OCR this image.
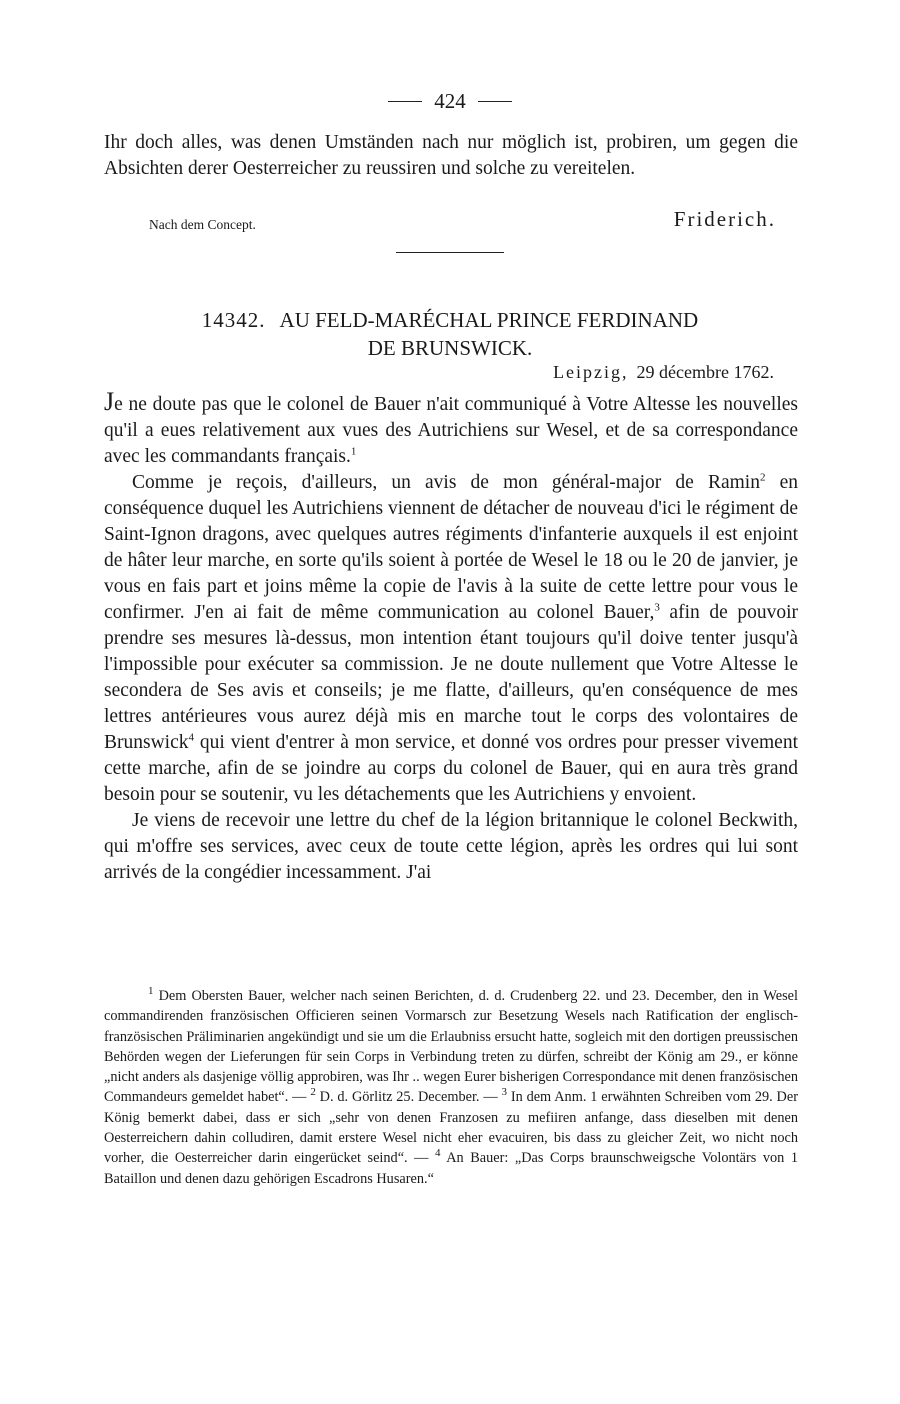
424
Ihr doch alles, was denen Umständen nach nur möglich ist, probiren, um gegen die Absichten derer Oesterreicher zu reussiren und solche zu vereitelen.
Nach dem Concept.	Friderich.
14342. AU FELD-MARÉCHAL PRINCE FERDINAND
DE BRUNSWICK.
Leipzig, 29 décembre 1762.

Je ne doute pas que le colonel de Bauer n'ait communiqué à Votre Altesse les nouvelles qu'il a eues relativement aux vues des Autrichiens sur Wesel, et de sa correspondance avec les commandants français.$^1$

Comme je reçois, d'ailleurs, un avis de mon général-major de Ramin$^2$ en conséquence duquel les Autrichiens viennent de détacher de nouveau d'ici le régiment de Saint-Ignon dragons, avec quelques autres régiments d'infanterie auxquels il est enjoint de hâter leur marche, en sorte qu'ils soient à portée de Wesel le 18 ou le 20 de janvier, je vous en fais part et joins même la copie de l'avis à la suite de cette lettre pour vous le confirmer. J'en ai fait de même communication au colonel Bauer,$^3$ afin de pouvoir prendre ses mesures là-dessus, mon intention étant toujours qu'il doive tenter jusqu'à l'impossible pour exécuter sa commission. Je ne doute nullement que Votre Altesse le secondera de Ses avis et conseils; je me flatte, d'ailleurs, qu'en conséquence de mes lettres antérieures vous aurez déjà mis en marche tout le corps des volontaires de Brunswick$^4$ qui vient d'entrer à mon service, et donné vos ordres pour presser vivement cette marche, afin de se joindre au corps du colonel de Bauer, qui en aura très grand besoin pour se soutenir, vu les détachements que les Autrichiens y envoient.

Je viens de recevoir une lettre du chef de la légion britannique le colonel Beckwith, qui m'offre ses services, avec ceux de toute cette légion, après les ordres qui lui sont arrivés de la congédier incessamment. J'ai

$^1$ Dem Obersten Bauer, welcher nach seinen Berichten, d. d. Crudenberg 22. und 23. December, den in Wesel commandirenden französischen Officieren seinen Vormarsch zur Besetzung Wesels nach Ratification der englisch-französischen Präliminarien angekündigt und sie um die Erlaubniss ersucht hatte, sogleich mit den dortigen preussischen Behörden wegen der Lieferungen für sein Corps in Verbindung treten zu dürfen, schreibt der König am 29., er könne „nicht anders als dasjenige völlig approbiren, was Ihr .. wegen Eurer bisherigen Correspondance mit denen französischen Commandeurs gemeldet habet“. — $^2$ D. d. Görlitz 25. December. — $^3$ In dem Anm. 1 erwähnten Schreiben vom 29. Der König bemerkt dabei, dass er sich „sehr von denen Franzosen zu mefiiren anfange, dass dieselben mit denen Oesterreichern dahin colludiren, damit erstere Wesel nicht eher evacuiren, bis dass zu gleicher Zeit, wo nicht noch vorher, die Oesterreicher darin eingerücket seind“. — $^4$ An Bauer: „Das Corps braunschweigsche Volontärs von 1 Bataillon und denen dazu gehörigen Escadrons Husaren.“
